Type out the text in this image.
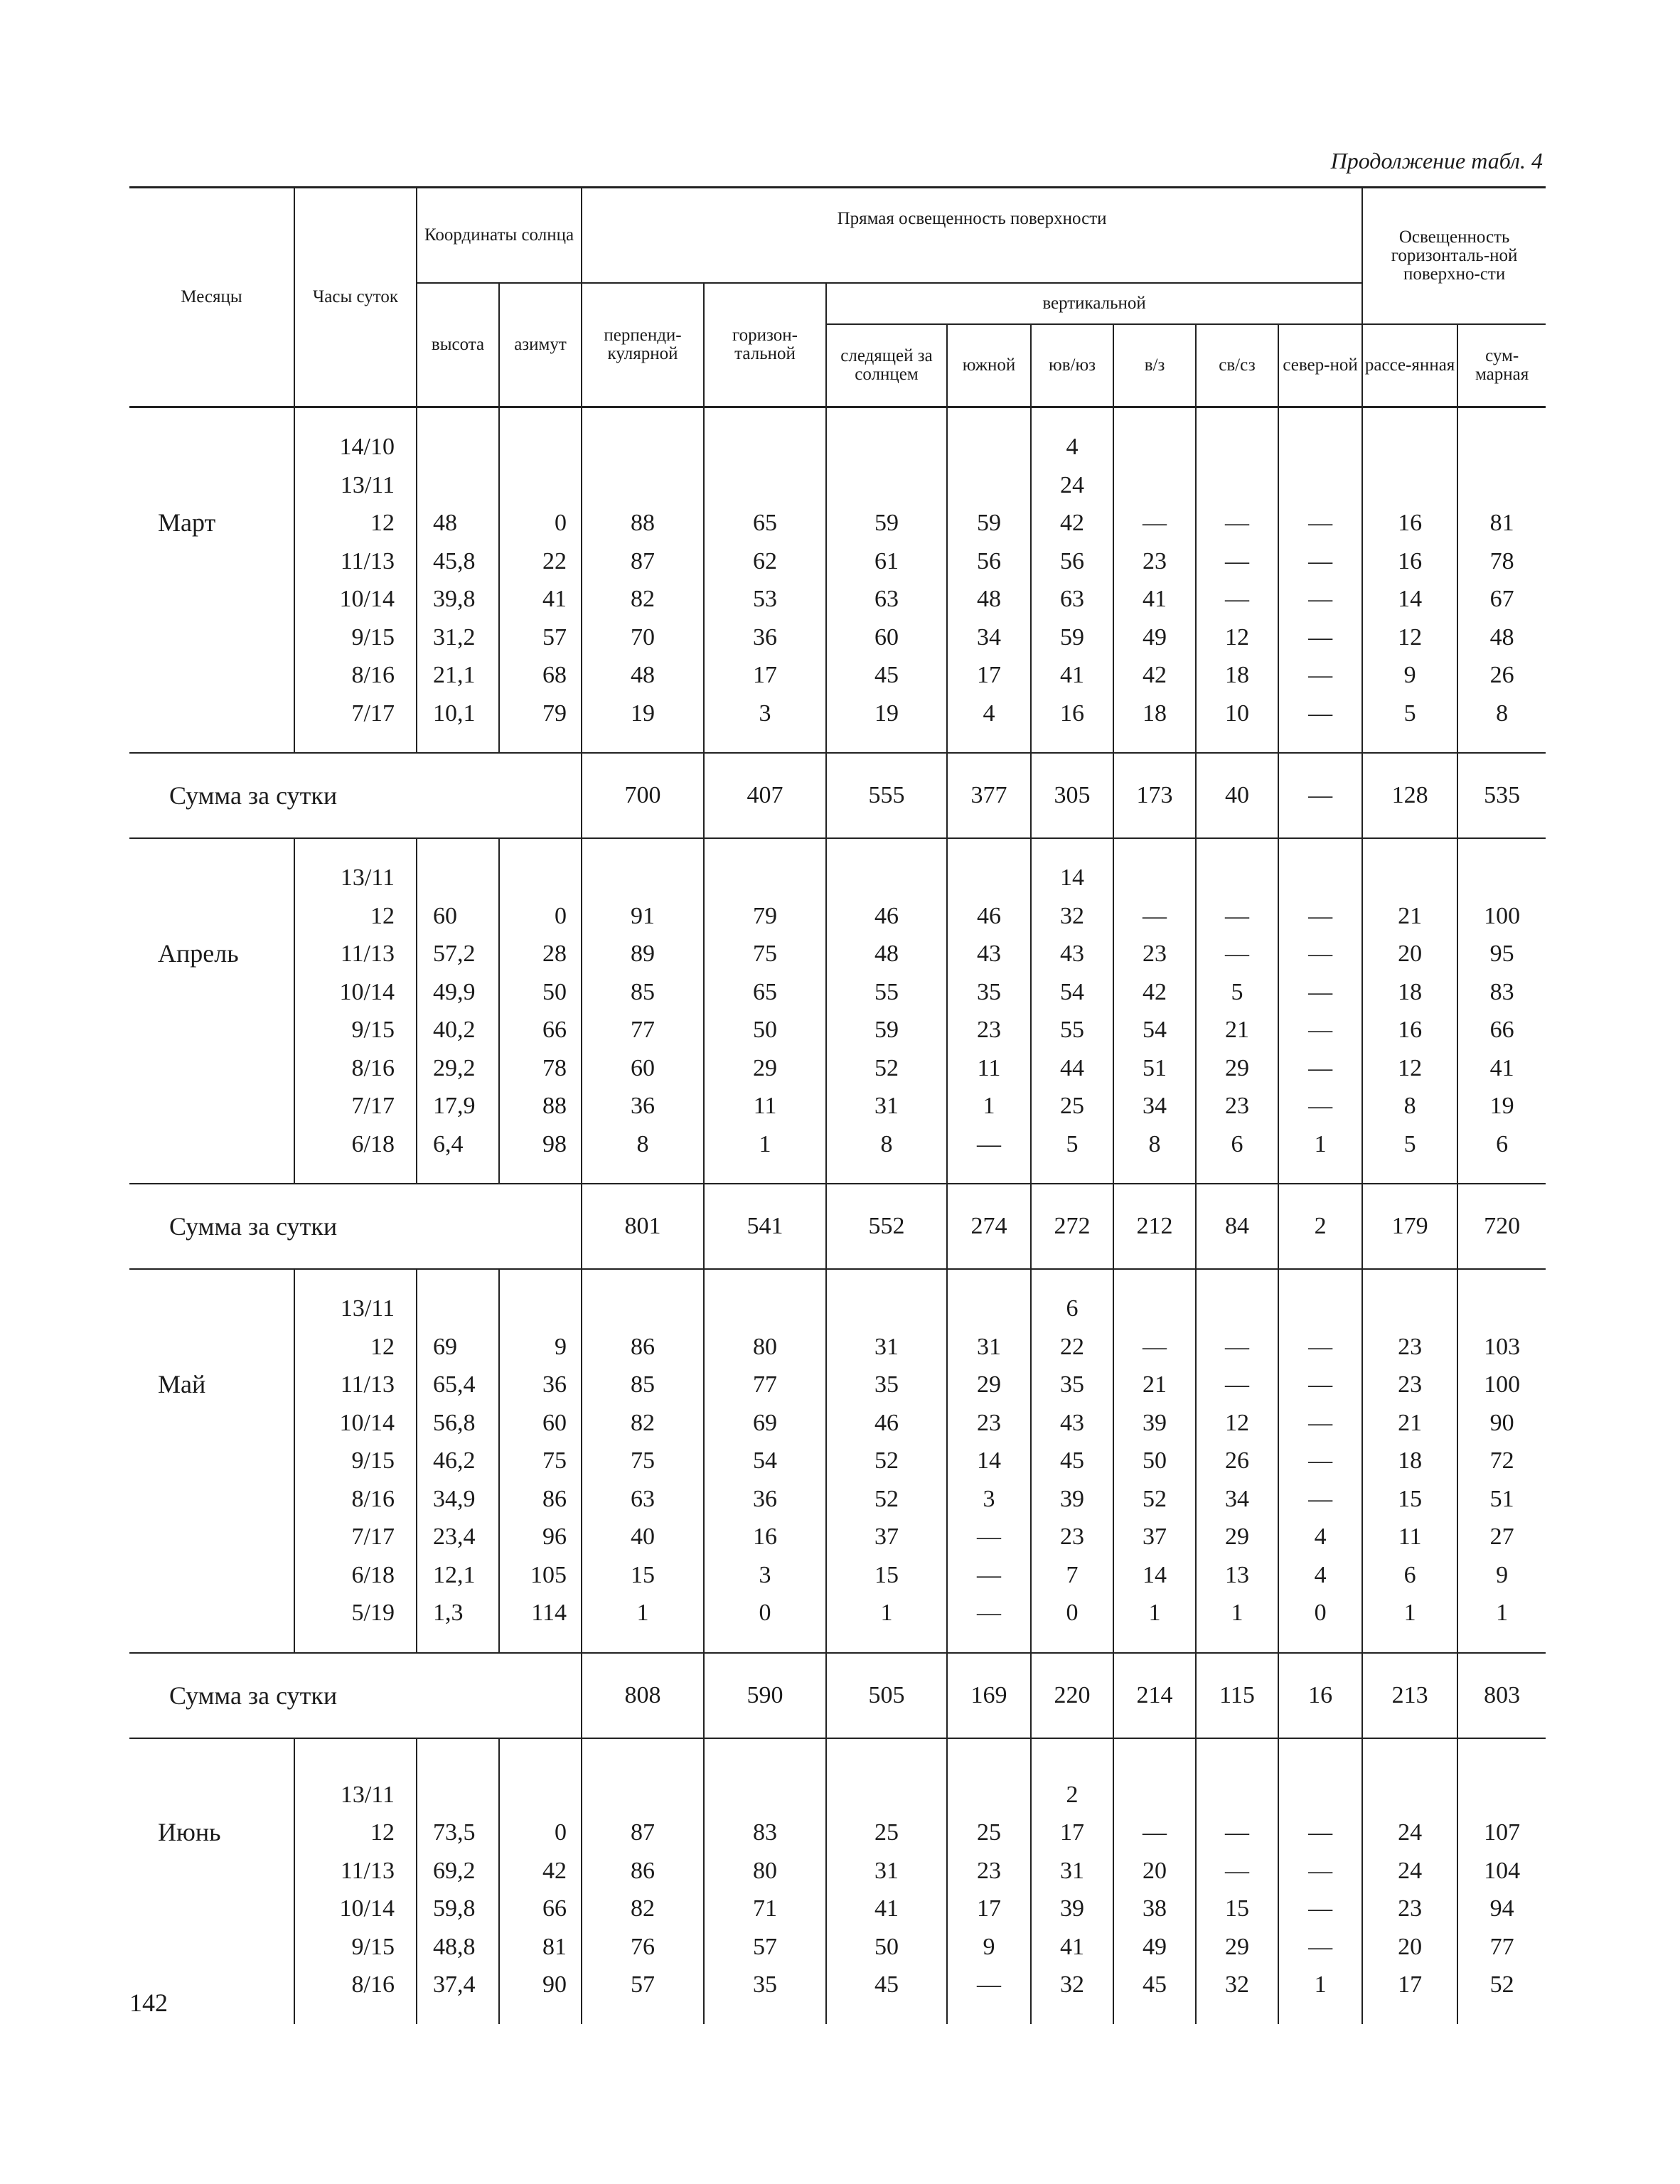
Продолжение табл. 4
Месяцы	Часы суток	Координаты солнца		Прямая освещенность поверхности								Освещенность горизонталь-ной поверхно-сти	
		высота	азимут	перпенди-кулярной	горизон-тальной	вертикальной							
						следящей за солнцем	южной	юв/юз	в/з	св/сз	север-ной	рассе-янная	сум-марная

	14/10							4					
	13/11							24					
Март	12	48	0	88	65	59	59	42	—	—	—	16	81
	11/13	45,8	22	87	62	61	56	56	23	—	—	16	78
	10/14	39,8	41	82	53	63	48	63	41	—	—	14	67
	9/15	31,2	57	70	36	60	34	59	49	12	—	12	48
	8/16	21,1	68	48	17	45	17	41	42	18	—	9	26
	7/17	10,1	79	19	3	19	4	16	18	10	—	5	8

Сумма за сутки				700	407	555	377	305	173	40	—	128	535

	13/11							14					
	12	60	0	91	79	46	46	32	—	—	—	21	100
Апрель	11/13	57,2	28	89	75	48	43	43	23	—	—	20	95
	10/14	49,9	50	85	65	55	35	54	42	5	—	18	83
	9/15	40,2	66	77	50	59	23	55	54	21	—	16	66
	8/16	29,2	78	60	29	52	11	44	51	29	—	12	41
	7/17	17,9	88	36	11	31	1	25	34	23	—	8	19
	6/18	6,4	98	8	1	8	—	5	8	6	1	5	6

Сумма за сутки				801	541	552	274	272	212	84	2	179	720

	13/11							6					
	12	69	9	86	80	31	31	22	—	—	—	23	103
Май	11/13	65,4	36	85	77	35	29	35	21	—	—	23	100
	10/14	56,8	60	82	69	46	23	43	39	12	—	21	90
	9/15	46,2	75	75	54	52	14	45	50	26	—	18	72
	8/16	34,9	86	63	36	52	3	39	52	34	—	15	51
	7/17	23,4	96	40	16	37	—	23	37	29	4	11	27
	6/18	12,1	105	15	3	15	—	7	14	13	4	6	9
	5/19	1,3	114	1	0	1	—	0	1	1	0	1	1

Сумма за сутки				808	590	505	169	220	214	115	16	213	803

	13/11							2					
Июнь	12	73,5	0	87	83	25	25	17	—	—	—	24	107
	11/13	69,2	42	86	80	31	23	31	20	—	—	24	104
	10/14	59,8	66	82	71	41	17	39	38	15	—	23	94
	9/15	48,8	81	76	57	50	9	41	49	29	—	20	77
	8/16	37,4	90	57	35	45	—	32	45	32	1	17	52

142
